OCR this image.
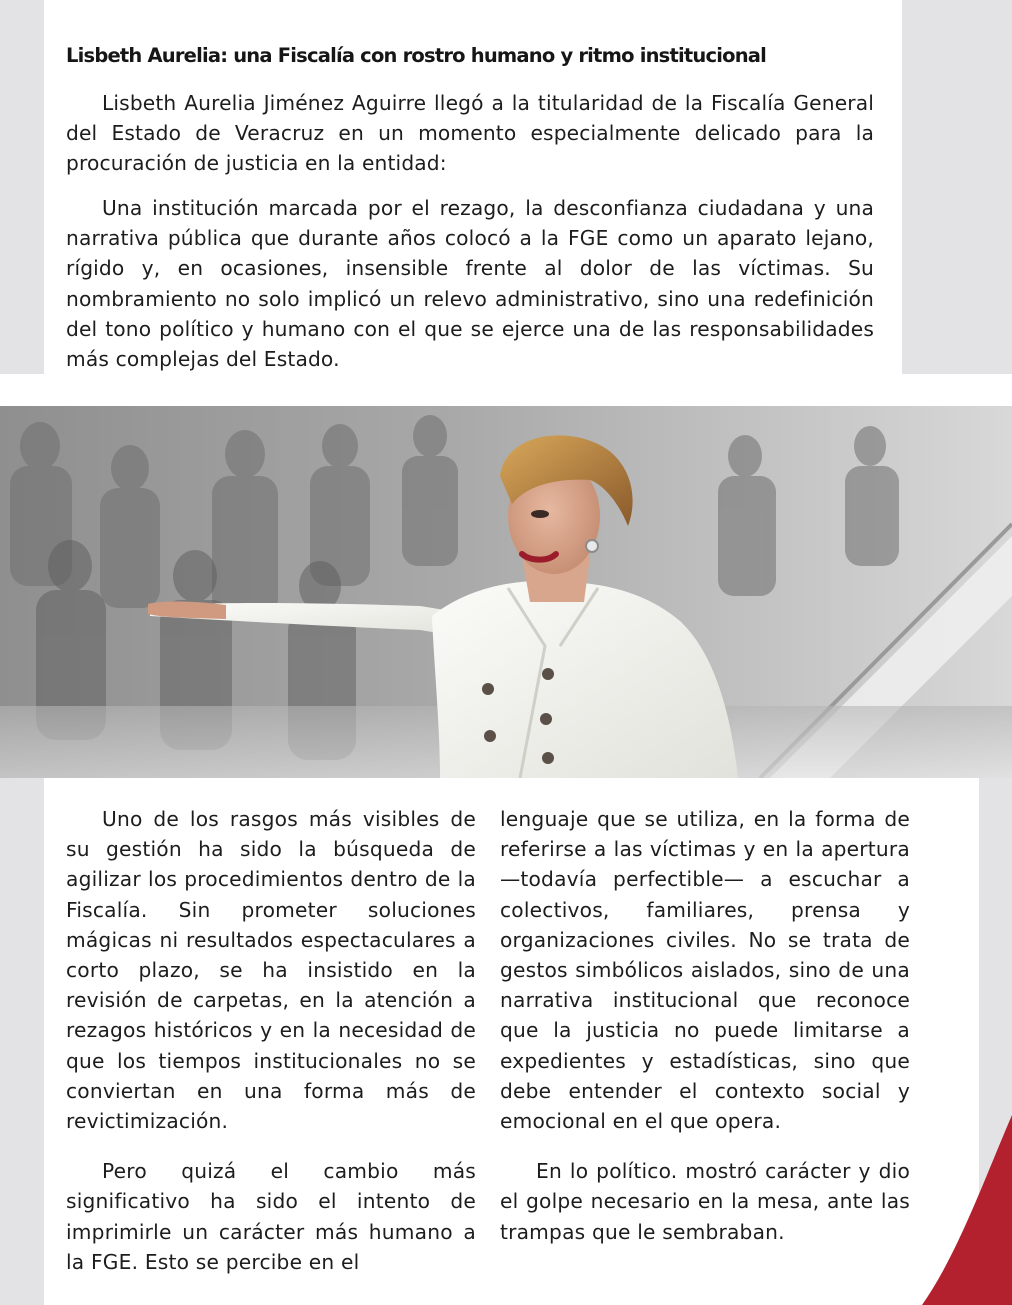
Lisbeth Aurelia: una Fiscalía con rostro humano y ritmo institucional

Lisbeth Aurelia Jiménez Aguirre llegó a la titularidad de la Fiscalía General del Estado de Veracruz en un momento especialmente delicado para la procuración de justicia en la entidad:

Una institución marcada por el rezago, la desconfianza ciudadana y una narrativa pública que durante años colocó a la FGE como un aparato lejano, rígido y, en ocasiones, insensible frente al dolor de las víctimas. Su nombramiento no solo implicó un relevo administrativo, sino una redefinición del tono político y humano con el que se ejerce una de las responsabilidades más complejas del Estado.

Uno de los rasgos más visibles de su gestión ha sido la búsqueda de agilizar los procedimientos dentro de la Fiscalía. Sin prometer soluciones mágicas ni resultados espectaculares a corto plazo, se ha insistido en la revisión de carpetas, en la atención a rezagos históricos y en la necesidad de que los tiempos institucionales no se conviertan en una forma más de revictimización.

Pero quizá el cambio más significativo ha sido el intento de imprimirle un carácter más humano a la FGE. Esto se percibe en el

lenguaje que se utiliza, en la forma de referirse a las víctimas y en la apertura —todavía perfectible— a escuchar a colectivos, familiares, prensa y organizaciones civiles. No se trata de gestos simbólicos aislados, sino de una narrativa institucional que reconoce que la justicia no puede limitarse a expedientes y estadísticas, sino que debe entender el contexto social y emocional en el que opera.

En lo político. mostró carácter y dio el golpe necesario en la mesa, ante las trampas que le sembraban.
